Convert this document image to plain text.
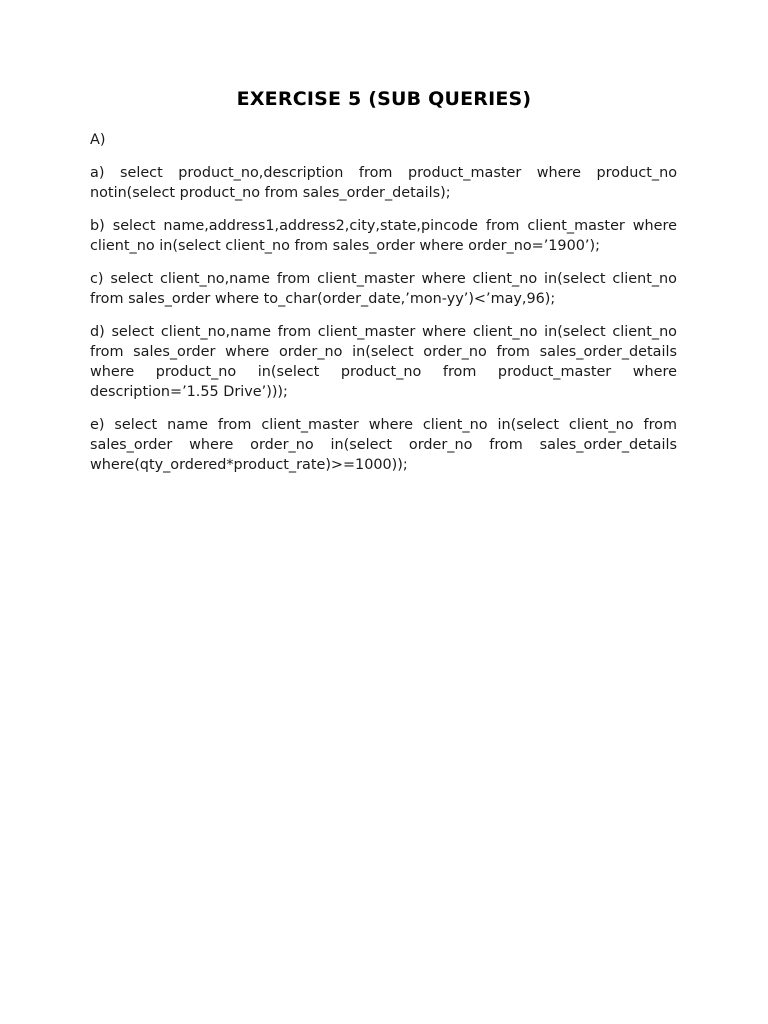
EXERCISE 5 (SUB QUERIES)

A)

a) select product_no,description from product_master where product_no notin(select product_no from sales_order_details);

b) select name,address1,address2,city,state,pincode from client_master where client_no in(select client_no from sales_order where order_no=’1900’);

c) select client_no,name from client_master where client_no in(select client_no from sales_order where to_char(order_date,’mon-yy’)<’may,96);

d) select client_no,name from client_master where client_no in(select client_no from sales_order where order_no in(select order_no from sales_order_details where product_no in(select product_no from product_master where description=’1.55 Drive’)));

e) select name from client_master where client_no in(select client_no from sales_order where order_no in(select order_no from sales_order_details where(qty_ordered*product_rate)>=1000));
